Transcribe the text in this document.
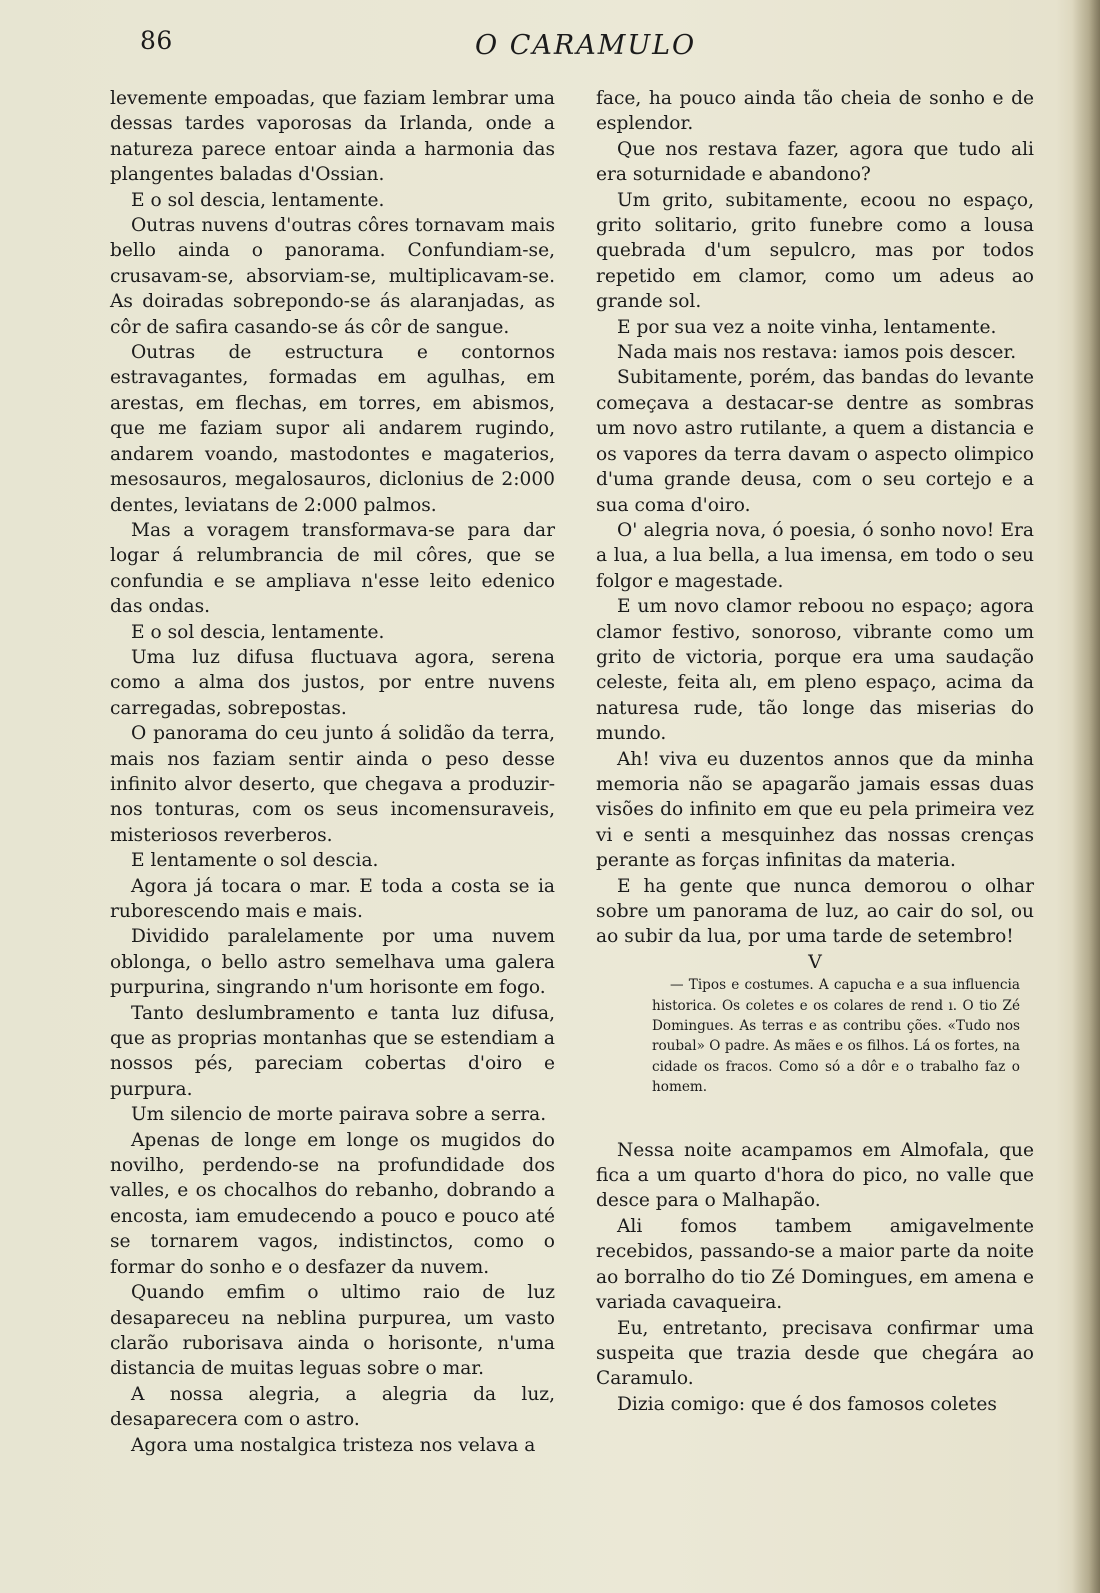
86	O CARAMULO

levemente empoadas, que faziam lembrar uma dessas tardes vaporosas da Irlanda, onde a natureza parece entoar ainda a harmonia das plangentes baladas d'Ossian.

E o sol descia, lentamente.

Outras nuvens d'outras côres tornavam mais bello ainda o panorama. Confundiam-se, crusavam-se, absorviam-se, multiplicavam-se. As doiradas sobrepondo-se ás alaranjadas, as côr de safira casando-se ás côr de sangue.

Outras de estructura e contornos estravagantes, formadas em agulhas, em arestas, em flechas, em torres, em abismos, que me faziam supor ali andarem rugindo, andarem voando, mastodontes e magaterios, mesosauros, megalosauros, diclonius de 2:000 dentes, leviatans de 2:000 palmos.

Mas a voragem transformava-se para dar logar á relumbrancia de mil côres, que se confundia e se ampliava n'esse leito edenico das ondas.

E o sol descia, lentamente.

Uma luz difusa fluctuava agora, serena como a alma dos justos, por entre nuvens carregadas, sobrepostas.

O panorama do ceu junto á solidão da terra, mais nos faziam sentir ainda o peso desse infinito alvor deserto, que chegava a produzir-nos tonturas, com os seus incomensuraveis, misteriosos reverberos.

E lentamente o sol descia.

Agora já tocara o mar. E toda a costa se ia ruborescendo mais e mais.

Dividido paralelamente por uma nuvem oblonga, o bello astro semelhava uma galera purpurina, singrando n'um horisonte em fogo.

Tanto deslumbramento e tanta luz difusa, que as proprias montanhas que se estendiam a nossos pés, pareciam cobertas d'oiro e purpura.

Um silencio de morte pairava sobre a serra.

Apenas de longe em longe os mugidos do novilho, perdendo-se na profundidade dos valles, e os chocalhos do rebanho, dobrando a encosta, iam emudecendo a pouco e pouco até se tornarem vagos, indistinctos, como o formar do sonho e o desfazer da nuvem.

Quando emfim o ultimo raio de luz desapareceu na neblina purpurea, um vasto clarão ruborisava ainda o horisonte, n'uma distancia de muitas leguas sobre o mar.

A nossa alegria, a alegria da luz, desaparecera com o astro.

Agora uma nostalgica tristeza nos velava a

face, ha pouco ainda tão cheia de sonho e de esplendor.

Que nos restava fazer, agora que tudo ali era soturnidade e abandono?

Um grito, subitamente, ecoou no espaço, grito solitario, grito funebre como a lousa quebrada d'um sepulcro, mas por todos repetido em clamor, como um adeus ao grande sol.

E por sua vez a noite vinha, lentamente.

Nada mais nos restava: iamos pois descer.

Subitamente, porém, das bandas do levante começava a destacar-se dentre as sombras um novo astro rutilante, a quem a distancia e os vapores da terra davam o aspecto olimpico d'uma grande deusa, com o seu cortejo e a sua coma d'oiro.

O' alegria nova, ó poesia, ó sonho novo! Era a lua, a lua bella, a lua imensa, em todo o seu folgor e magestade.

E um novo clamor reboou no espaço; agora clamor festivo, sonoroso, vibrante como um grito de victoria, porque era uma saudação celeste, feita alı, em pleno espaço, acima da naturesa rude, tão longe das miserias do mundo.

Ah! viva eu duzentos annos que da minha memoria não se apagarão jamais essas duas visões do infinito em que eu pela primeira vez vi e senti a mesquinhez das nossas crenças perante as forças infinitas da materia.

E ha gente que nunca demorou o olhar sobre um panorama de luz, ao cair do sol, ou ao subir da lua, por uma tarde de setembro!

V

— Tipos e costumes. A capucha e a sua influencia historica. Os coletes e os colares de rend ı. O tio Zé Domingues. As terras e as contribu ções. «Tudo nos roubal» O padre. As mães e os filhos. Lá os fortes, na cidade os fracos. Como só a dôr e o trabalho faz o homem.

Nessa noite acampamos em Almofala, que fica a um quarto d'hora do pico, no valle que desce para o Malhapão.

Ali fomos tambem amigavelmente recebidos, passando-se a maior parte da noite ao borralho do tio Zé Domingues, em amena e variada cavaqueira.

Eu, entretanto, precisava confirmar uma suspeita que trazia desde que chegára ao Caramulo.

Dizia comigo: que é dos famosos coletes
